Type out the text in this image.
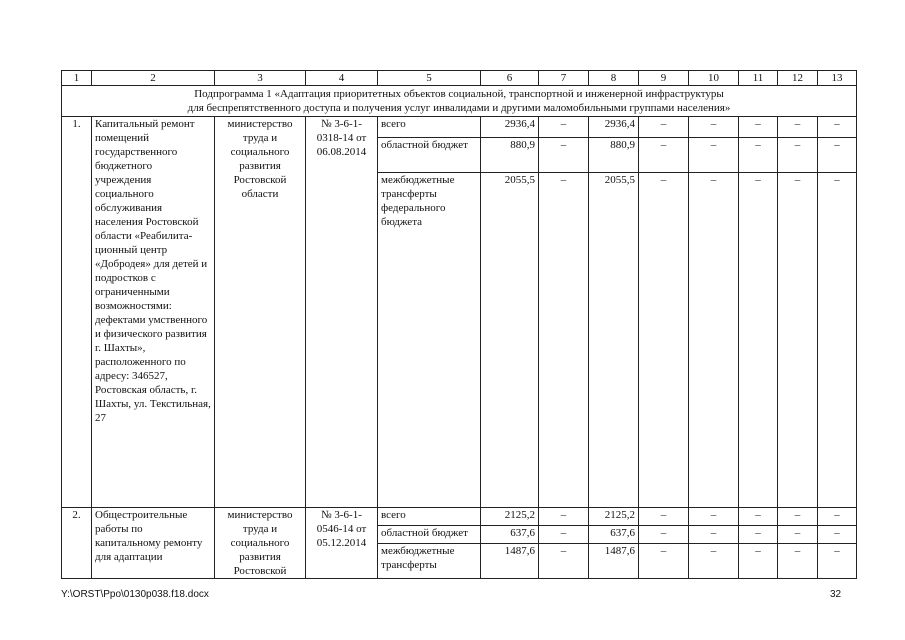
1	2	3	4	5	6	7	8	9	10	11	12	13

Подпрограмма 1 «Адаптация приоритетных объектов социальной, транспортной и инженерной инфраструктуры
для беспрепятственного доступа и получения услуг инвалидами и другими маломобильными группами населения»												

1.	Капитальный ремонт помещений государственного бюджетного учреждения социального обслуживания населения Ростовской области «Реабилита-ционный центр «Добродея» для детей и подростков с ограниченными возможностями: дефектами умственного и физического развития г. Шахты», расположенного по адресу: 346527, Ростовская область, г. Шахты, ул. Текстильная, 27	министерство труда и социального развития Ростовской области	№ 3-6-1-0318-14 от 06.08.2014	всего	2936,4	–	2936,4	–	–	–	–	–
				областной бюджет	880,9	–	880,9	–	–	–	–	–
				межбюджетные трансферты федерального бюджета	2055,5	–	2055,5	–	–	–	–	–
2.	Общестроительные работы по капитальному ремонту для адаптации	министерство труда и социального развития Ростовской	№ 3-6-1-0546-14 от 05.12.2014	всего	2125,2	–	2125,2	–	–	–	–	–
				областной бюджет	637,6	–	637,6	–	–	–	–	–
				межбюджетные трансферты	1487,6	–	1487,6	–	–	–	–	–
Y:\ORST\Ppo\0130p038.f18.docx	32
